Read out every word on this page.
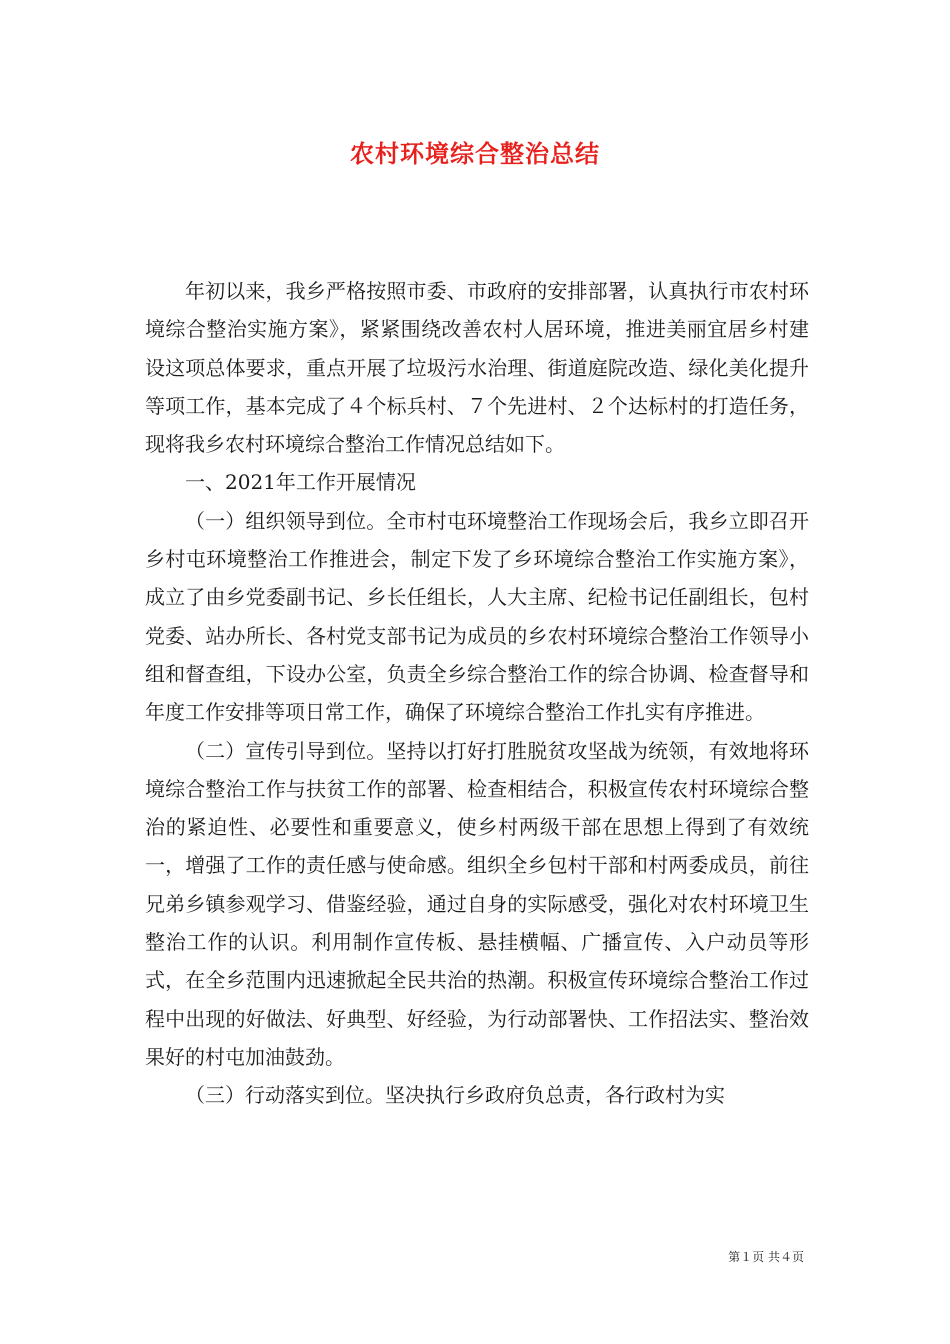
农村环境综合整治总结

年初以来，我乡严格按照市委、市政府的安排部署，认真执行市农村环境综合整治实施方案》，紧紧围绕改善农村人居环境，推进美丽宜居乡村建设这项总体要求，重点开展了垃圾污水治理、街道庭院改造、绿化美化提升等项工作，基本完成了４个标兵村、７个先进村、２个达标村的打造任务，现将我乡农村环境综合整治工作情况总结如下。

一、2021年工作开展情况

（一）组织领导到位。全市村屯环境整治工作现场会后，我乡立即召开乡村屯环境整治工作推进会，制定下发了乡环境综合整治工作实施方案》，成立了由乡党委副书记、乡长任组长，人大主席、纪检书记任副组长，包村党委、站办所长、各村党支部书记为成员的乡农村环境综合整治工作领导小组和督查组，下设办公室，负责全乡综合整治工作的综合协调、检查督导和年度工作安排等项日常工作，确保了环境综合整治工作扎实有序推进。

（二）宣传引导到位。坚持以打好打胜脱贫攻坚战为统领，有效地将环境综合整治工作与扶贫工作的部署、检查相结合，积极宣传农村环境综合整治的紧迫性、必要性和重要意义，使乡村两级干部在思想上得到了有效统一，增强了工作的责任感与使命感。组织全乡包村干部和村两委成员，前往兄弟乡镇参观学习、借鉴经验，通过自身的实际感受，强化对农村环境卫生整治工作的认识。利用制作宣传板、悬挂横幅、广播宣传、入户动员等形式，在全乡范围内迅速掀起全民共治的热潮。积极宣传环境综合整治工作过程中出现的好做法、好典型、好经验，为行动部署快、工作招法实、整治效果好的村屯加油鼓劲。

（三）行动落实到位。坚决执行乡政府负总责，各行政村为实

第１页 共４页
